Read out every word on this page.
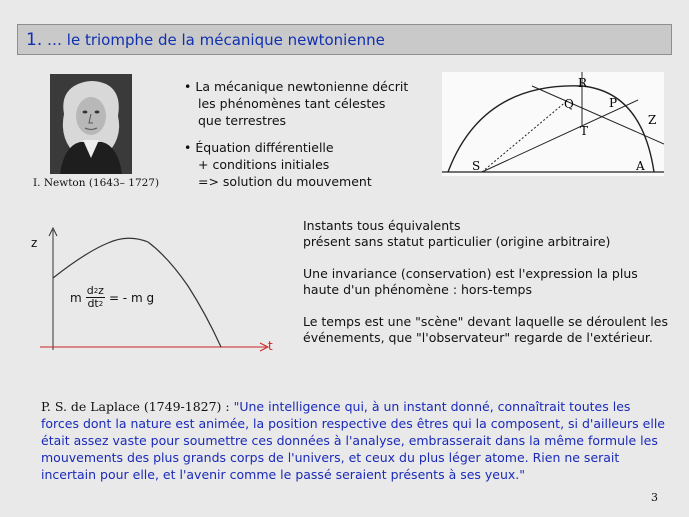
1. … le triomphe de la mécanique newtonienne
I. Newton (1643– 1727)
• La mécanique newtonienne décrit
les phénomènes tant célestes
que terrestres
• Équation différentielle
+ conditions initiales
=> solution du mouvement
R
Q	P
Z
T
S	A
z
t
m $\frac{d^2z}{dt^2}$ = - m g
Instants tous équivalents
présent sans statut particulier (origine arbitraire)
Une invariance (conservation) est l'expression la plus
haute d'un phénomène : hors-temps
Le temps est une "scène" devant laquelle se déroulent les
événements, que "l'observateur" regarde de l'extérieur.
P. S. de Laplace (1749-1827) : "Une intelligence qui, à un instant donné, connaîtrait toutes les forces dont la nature est animée, la position respective des êtres qui la composent, si d'ailleurs elle était assez vaste pour soumettre ces données à l'analyse, embrasserait dans la même formule les mouvements des plus grands corps de l'univers, et ceux du plus léger atome. Rien ne serait incertain pour elle, et l'avenir comme le passé seraient présents à ses yeux."
3
